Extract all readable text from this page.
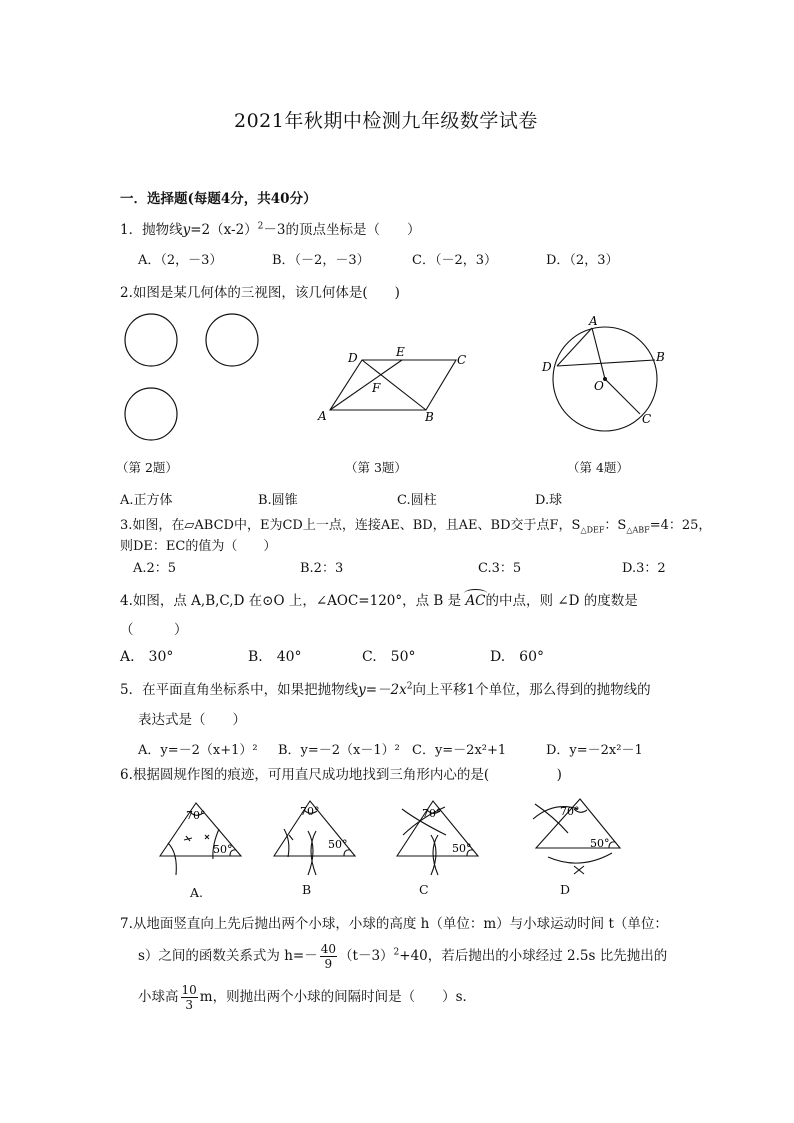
2021年秋期中检测九年级数学试卷
一．选择题(每题4分，共40分）
1．抛物线$y=2(x-2)^2-3$的顶点坐标是（　　）
A．（2，－3）	B．（－2，－3）	C．（－2，3）	D．（2，3）
2.如图是某几何体的三视图，该几何体是(　　)
D	E
C
F
A	B
A
B
D
O
C
（第 2题）	（第 3题）	（第 4题）
A.正方体	B.圆锥	C.圆柱	D.球
3.如图，在▱ABCD中，E为CD上一点，连接AE、BD，且AE、BD交于点F，$S_{\triangle DEF}$：$S_{\triangle ABF}=4$：25，
则DE：EC的值为（　　）
A.2：5	B.2：3	C.3：5	D.3：2
4.如图，点 A,B,C,D 在⊙O 上，∠AOC=120°，点 B 是 AC的中点，则 ∠D 的度数是
（　　　）
A.　30°	B.　40°	C.　50°	D.　60°
5．在平面直角坐标系中，如果把抛物线$y=-2x^2$向上平移1个单位，那么得到的抛物线的
表达式是（　　）
A．y=－2（x+1）² B．y=－2（x－1）² C．y=－2x²+1	D．y=－2x²－1
6.根据圆规作图的痕迹，可用直尺成功地找到三角形内心的是(　　　　　)
70°
50°
70°
50°
70°
50°
70°
50°
A.	B	C	D
7.从地面竖直向上先后抛出两个小球，小球的高度 h（单位：m）与小球运动时间 t（单位：
s）之间的函数关系式为 $h=- \frac{40}{9} (t-3)^2+40$，若后抛出的小球经过 2.5s 比先抛出的
小球高 $\frac{10}{3}$ m，则抛出两个小球的间隔时间是（　　）s．
